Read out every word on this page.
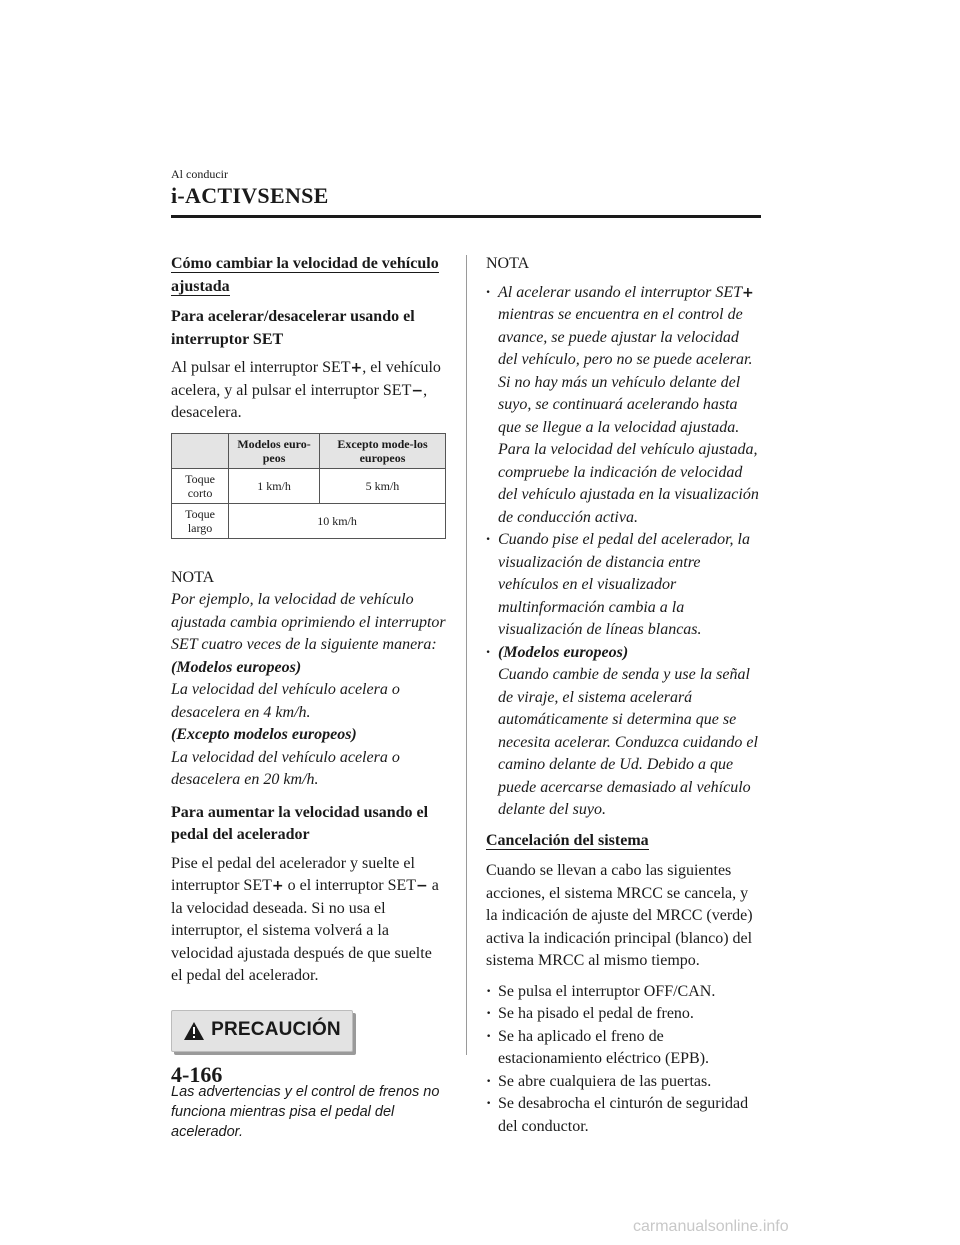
Al conducir
i-ACTIVSENSE
Cómo cambiar la velocidad de vehículo ajustada
Para acelerar/desacelerar usando el interruptor SET

Al pulsar el interruptor SET+, el vehículo acelera, y al pulsar el interruptor SET−, desacelera.

	Modelos euro-peos	Excepto mode-los europeos
Toque corto	1 km/h	5 km/h
Toque largo	10 km/h	
NOTA
Por ejemplo, la velocidad de vehículo ajustada cambia oprimiendo el interruptor SET cuatro veces de la siguiente manera:
(Modelos europeos)
La velocidad del vehículo acelera o desacelera en 4 km/h.
(Excepto modelos europeos)
La velocidad del vehículo acelera o desacelera en 20 km/h.
Para aumentar la velocidad usando el pedal del acelerador

Pise el pedal del acelerador y suelte el interruptor SET+ o el interruptor SET− a la velocidad deseada. Si no usa el interruptor, el sistema volverá a la velocidad ajustada después de que suelte el pedal del acelerador.

PRECAUCIÓN
Las advertencias y el control de frenos no funciona mientras pisa el pedal del acelerador.
NOTA
· Al acelerar usando el interruptor SET+ mientras se encuentra en el control de avance, se puede ajustar la velocidad del vehículo, pero no se puede acelerar. Si no hay más un vehículo delante del suyo, se continuará acelerando hasta que se llegue a la velocidad ajustada. Para la velocidad del vehículo ajustada, compruebe la indicación de velocidad del vehículo ajustada en la visualización de conducción activa.
· Cuando pise el pedal del acelerador, la visualización de distancia entre vehículos en el visualizador multinformación cambia a la visualización de líneas blancas.
· (Modelos europeos)
Cuando cambie de senda y use la señal de viraje, el sistema acelerará automáticamente si determina que se necesita acelerar. Conduzca cuidando el camino delante de Ud. Debido a que puede acercarse demasiado al vehículo delante del suyo.
Cancelación del sistema

Cuando se llevan a cabo las siguientes acciones, el sistema MRCC se cancela, y la indicación de ajuste del MRCC (verde) activa la indicación principal (blanco) del sistema MRCC al mismo tiempo.

· Se pulsa el interruptor OFF/CAN.
· Se ha pisado el pedal de freno.
· Se ha aplicado el freno de estacionamiento eléctrico (EPB).
· Se abre cualquiera de las puertas.
· Se desabrocha el cinturón de seguridad del conductor.
4-166
carmanualsonline.info
